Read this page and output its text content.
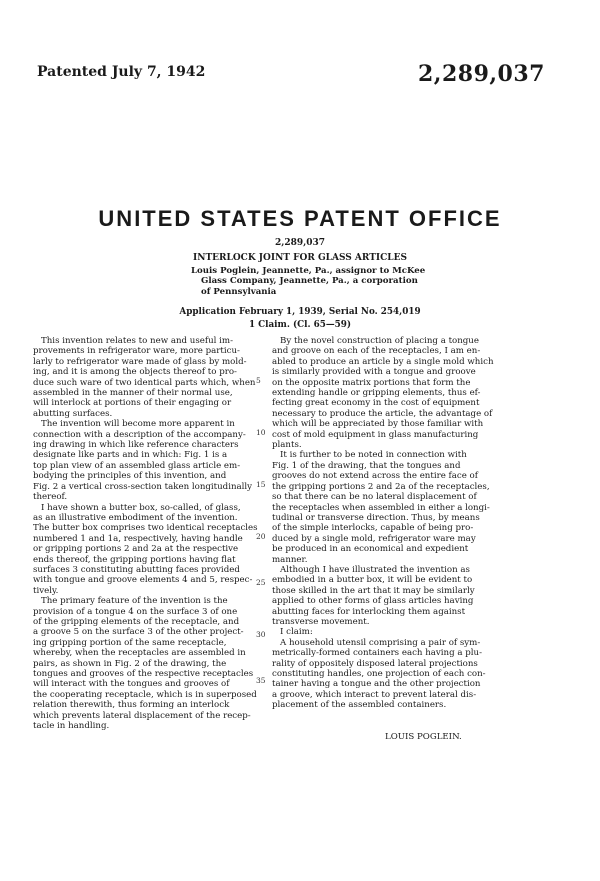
Patented July 7, 1942	2,289,037
UNITED STATES PATENT OFFICE
2,289,037
INTERLOCK JOINT FOR GLASS ARTICLES
Louis Poglein, Jeannette, Pa., assignor to McKee
Glass Company, Jeannette, Pa., a corporation
of Pennsylvania
Application February 1, 1939, Serial No. 254,019
1 Claim. (Cl. 65—59)
This invention relates to new and useful im-
provements in refrigerator ware, more particu-
larly to refrigerator ware made of glass by mold-
ing, and it is among the objects thereof to pro-
duce such ware of two identical parts which, when
assembled in the manner of their normal use,
will interlock at portions of their engaging or
abutting surfaces.
The invention will become more apparent in
connection with a description of the accompany-
ing drawing in which like reference characters
designate like parts and in which: Fig. 1 is a
top plan view of an assembled glass article em-
bodying the principles of this invention, and
Fig. 2 a vertical cross-section taken longitudinally
thereof.
I have shown a butter box, so-called, of glass,
as an illustrative embodiment of the invention.
The butter box comprises two identical receptacles
numbered 1 and 1a, respectively, having handle
or gripping portions 2 and 2a at the respective
ends thereof, the gripping portions having flat
surfaces 3 constituting abutting faces provided
with tongue and groove elements 4 and 5, respec-
tively.
The primary feature of the invention is the
provision of a tongue 4 on the surface 3 of one
of the gripping elements of the receptacle, and
a groove 5 on the surface 3 of the other project-
ing gripping portion of the same receptacle,
whereby, when the receptacles are assembled in
pairs, as shown in Fig. 2 of the drawing, the
tongues and grooves of the respective receptacles
will interact with the tongues and grooves of
the cooperating receptacle, which is in superposed
relation therewith, thus forming an interlock
which prevents lateral displacement of the recep-
tacle in handling.
By the novel construction of placing a tongue
and groove on each of the receptacles, I am en-
abled to produce an article by a single mold which
is similarly provided with a tongue and groove
on the opposite matrix portions that form the
extending handle or gripping elements, thus ef-
fecting great economy in the cost of equipment
necessary to produce the article, the advantage of
which will be appreciated by those familiar with
cost of mold equipment in glass manufacturing
plants.
It is further to be noted in connection with
Fig. 1 of the drawing, that the tongues and
grooves do not extend across the entire face of
the gripping portions 2 and 2a of the receptacles,
so that there can be no lateral displacement of
the receptacles when assembled in either a longi-
tudinal or transverse direction. Thus, by means
of the simple interlocks, capable of being pro-
duced by a single mold, refrigerator ware may
be produced in an economical and expedient
manner.
Although I have illustrated the invention as
embodied in a butter box, it will be evident to
those skilled in the art that it may be similarly
applied to other forms of glass articles having
abutting faces for interlocking them against
transverse movement.
I claim:
A household utensil comprising a pair of sym-
metrically-formed containers each having a plu-
rality of oppositely disposed lateral projections
constituting handles, one projection of each con-
tainer having a tongue and the other projection
a groove, which interact to prevent lateral dis-
placement of the assembled containers.
5
10
15
20
25
30
35
LOUIS POGLEIN.
